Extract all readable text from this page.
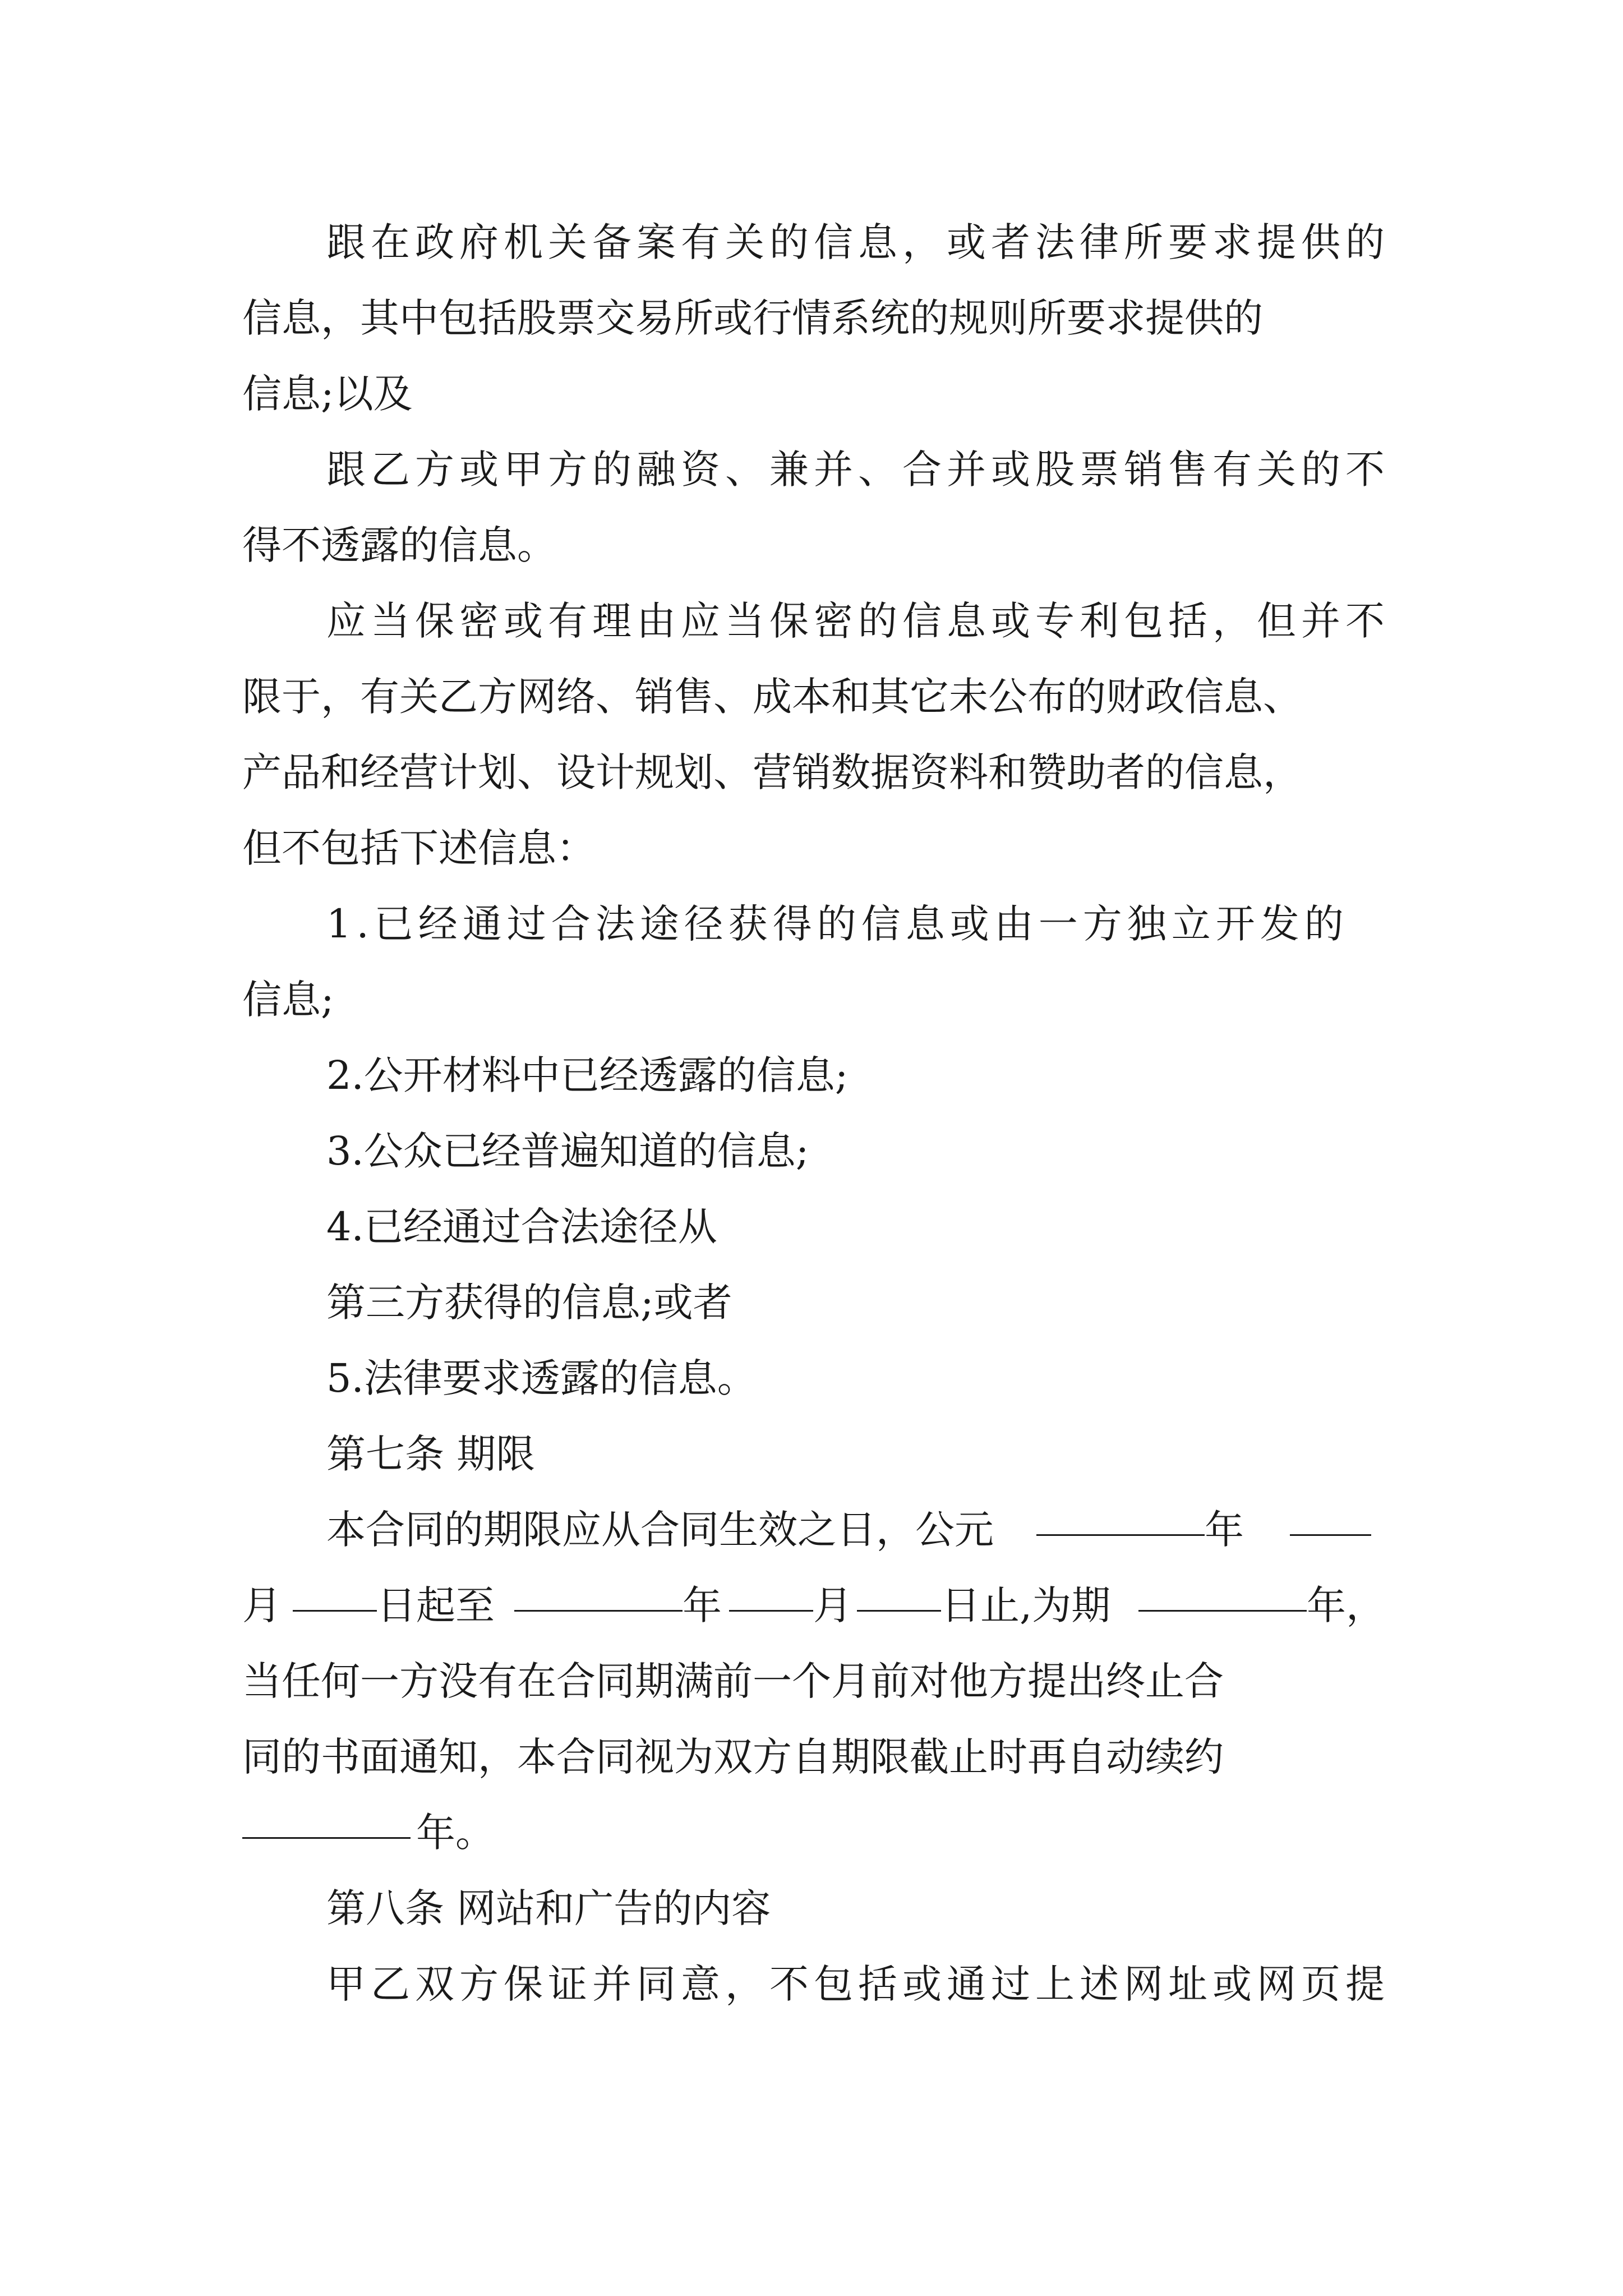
跟在政府机关备案有关的信息，或者法律所要求提供的
信息，其中包括股票交易所或行情系统的规则所要求提供的
信息;以及
跟乙方或甲方的融资、兼并、合并或股票销售有关的不
得不透露的信息。
应当保密或有理由应当保密的信息或专利包括，但并不
限于，有关乙方网络、销售、成本和其它未公布的财政信息、
产品和经营计划、设计规划、营销数据资料和赞助者的信息，
但不包括下述信息：
1.已经通过合法途径获得的信息或由一方独立开发的
信息;
2.公开材料中已经透露的信息;
3.公众已经普遍知道的信息;
4.已经通过合法途径从
第三方获得的信息;或者
5.法律要求透露的信息。
第七条 期限
本合同的期限应从合同生效之日，公元	年
月 日起至	年 月 日止,为期	年，
当任何一方没有在合同期满前一个月前对他方提出终止合
同的书面通知，本合同视为双方自期限截止时再自动续约
年。
第八条 网站和广告的内容
甲乙双方保证并同意，不包括或通过上述网址或网页提
